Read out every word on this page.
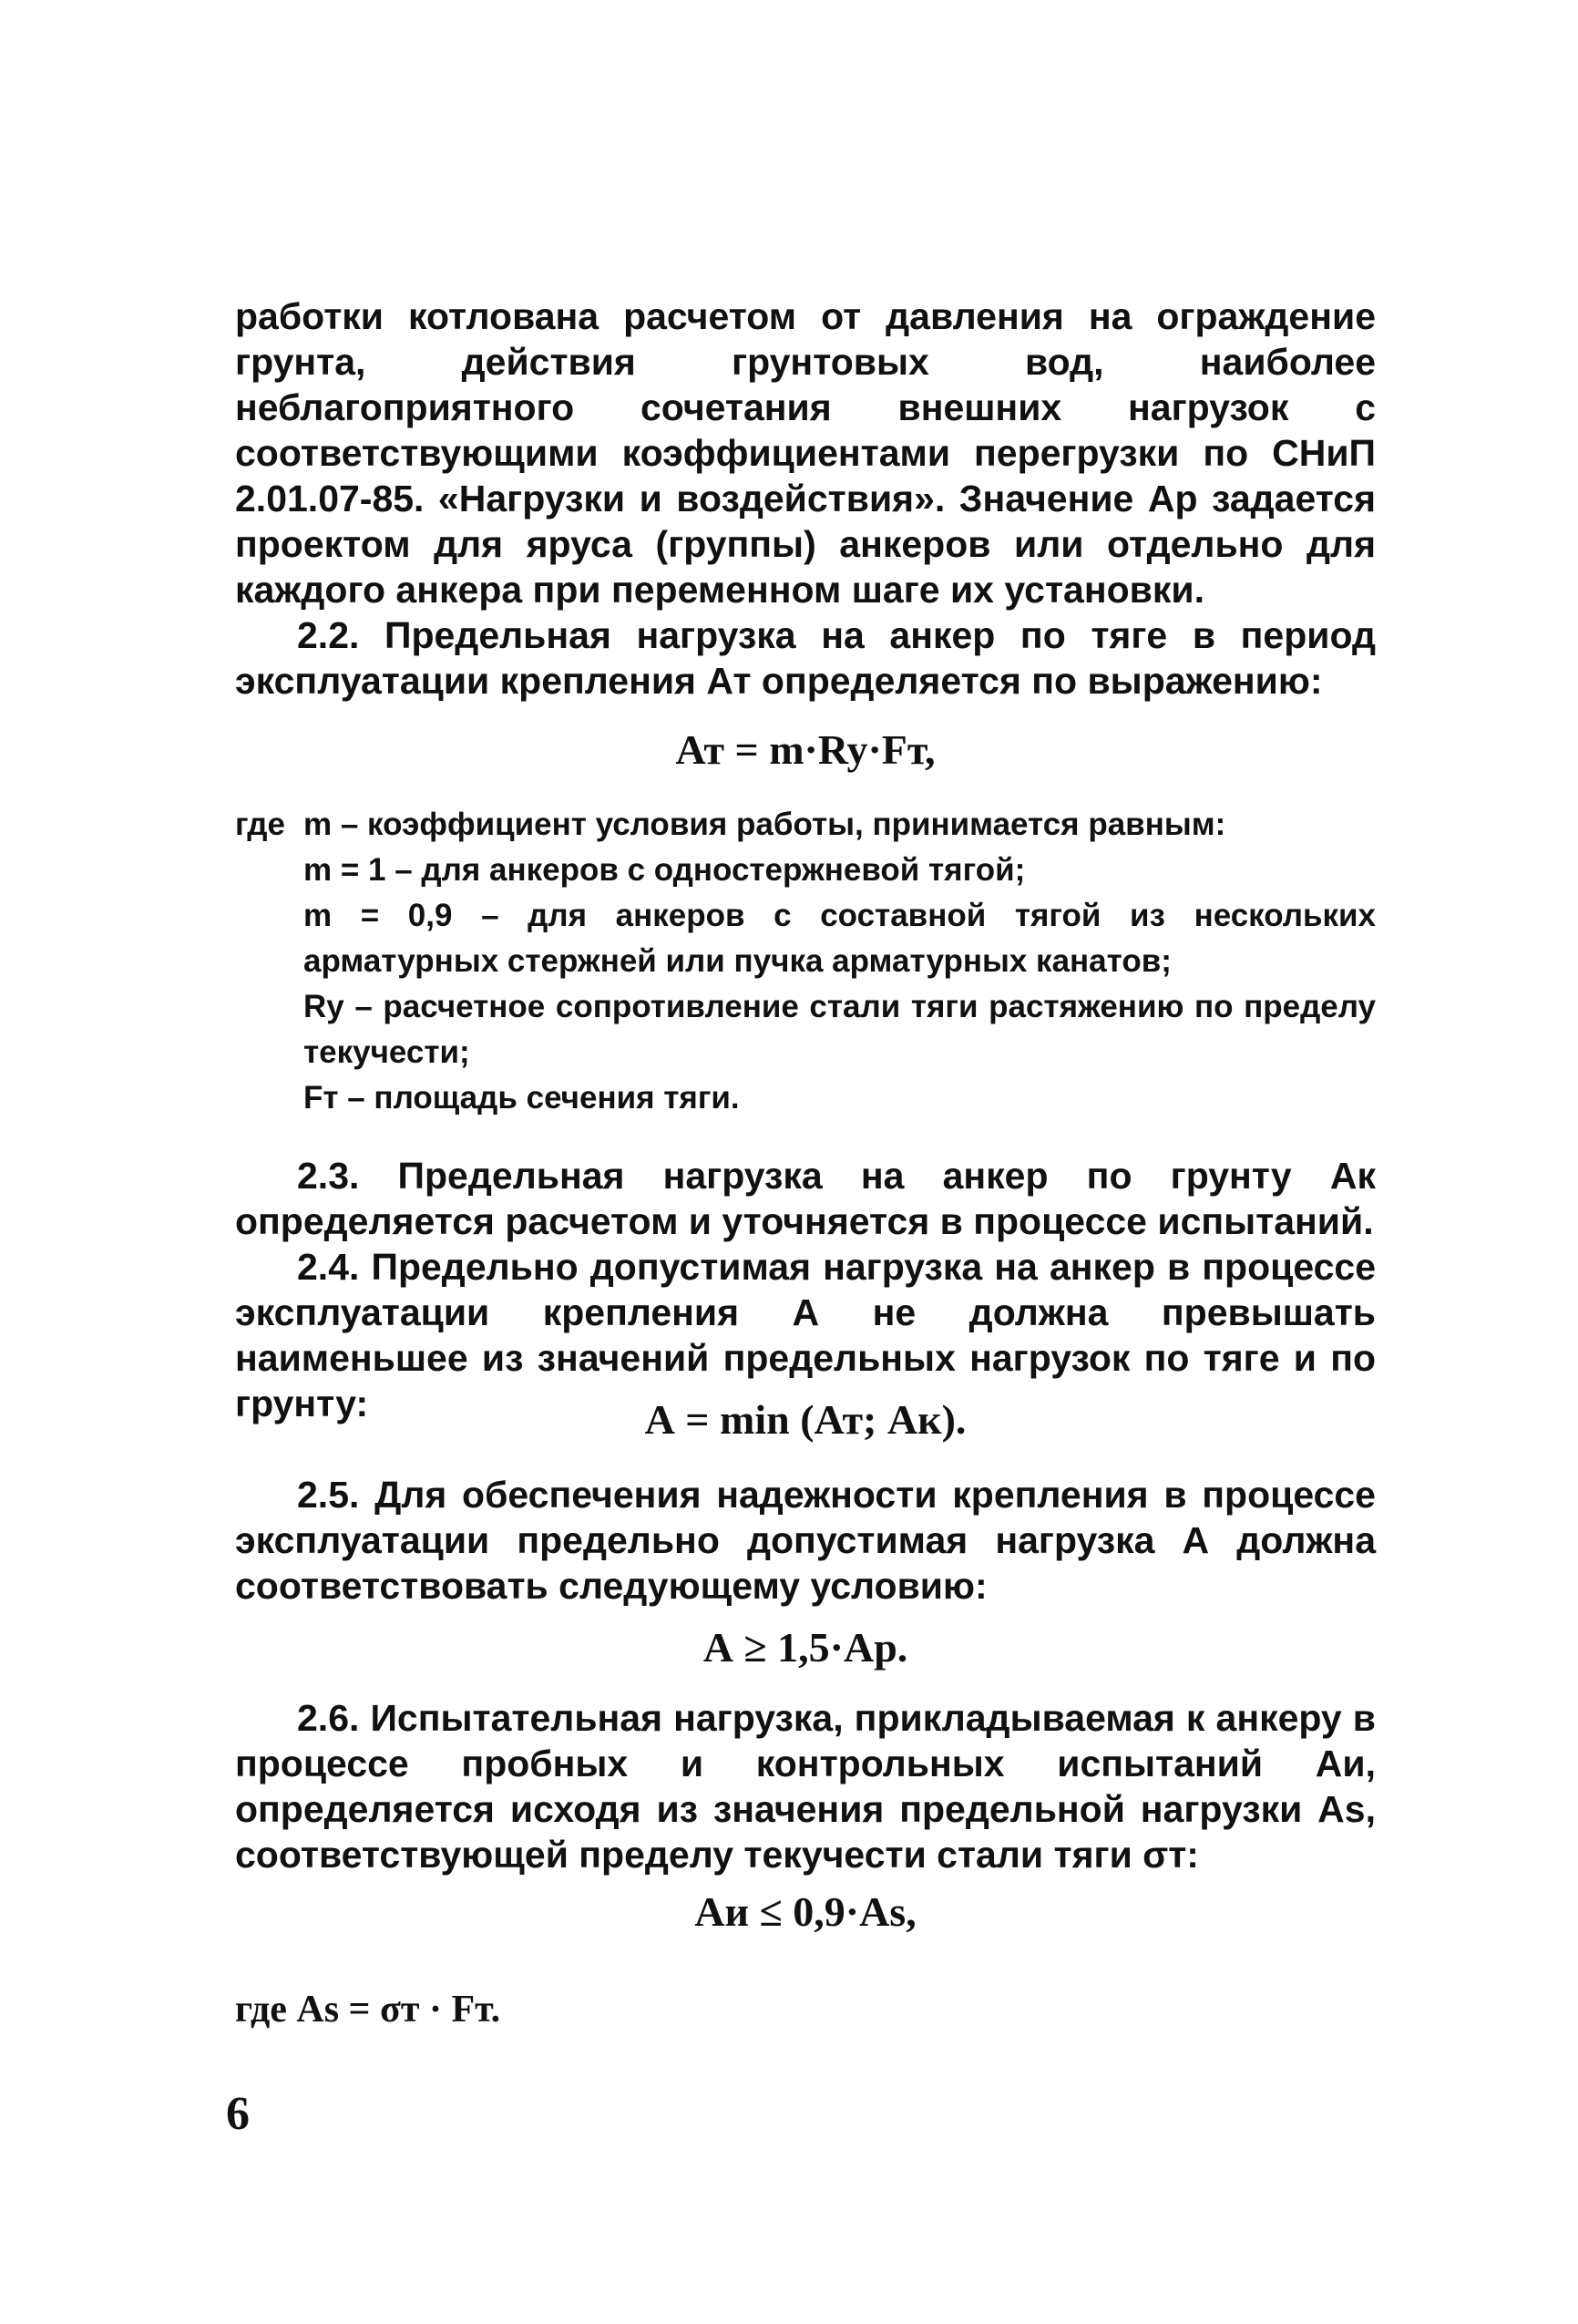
работки котлована расчетом от давления на ограждение грунта, действия грунтовых вод, наиболее неблагоприятного сочетания внешних нагрузок с соответствующими коэффициентами перегрузки по СНиП 2.01.07-85. «Нагрузки и воздействия». Значение Ар задается проектом для яруса (группы) анкеров или отдельно для каждого анкера при переменном шаге их установки.

2.2. Предельная нагрузка на анкер по тяге в период эксплуатации крепления Ат определяется по выражению:

Ат = m·Ry·Fт,

где m – коэффициент условия работы, принимается равным:

m = 1 – для анкеров с одностержневой тягой;

m = 0,9 – для анкеров с составной тягой из нескольких арматурных стержней или пучка арматурных канатов;

Ry – расчетное сопротивление стали тяги растяжению по пределу текучести;

Fт – площадь сечения тяги.

2.3. Предельная нагрузка на анкер по грунту Ак определяется расчетом и уточняется в процессе испытаний.

2.4. Предельно допустимая нагрузка на анкер в процессе эксплуатации крепления А не должна превышать наименьшее из значений предельных нагрузок по тяге и по грунту:	А = min (Ат; Ак).

2.5. Для обеспечения надежности крепления в процессе эксплуатации предельно допустимая нагрузка А должна соответствовать следующему условию:

А ≥ 1,5·Ар.

2.6. Испытательная нагрузка, прикладываемая к анкеру в процессе пробных и контрольных испытаний Аи, определяется исходя из значения предельной нагрузки Аs, соответствующей пределу текучести стали тяги σт:

Аи ≤ 0,9·Аs,

где Аs = σт · Fт.

6
